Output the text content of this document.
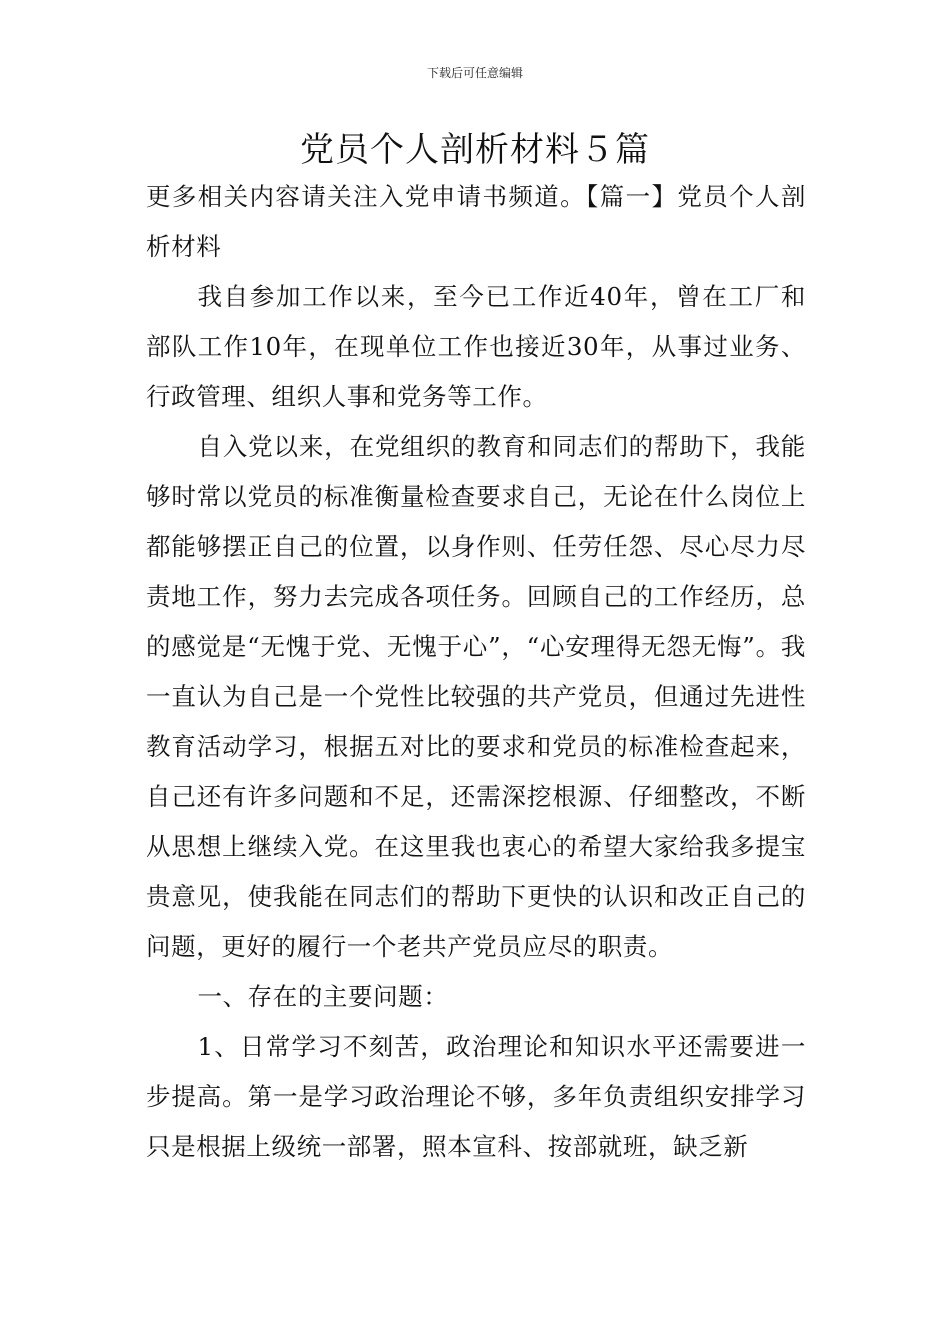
下载后可任意编辑
党员个人剖析材料５篇

更多相关内容请关注入党申请书频道。【篇一】党员个人剖析材料

我自参加工作以来，至今已工作近40年，曾在工厂和部队工作10年，在现单位工作也接近30年，从事过业务、行政管理、组织人事和党务等工作。

自入党以来，在党组织的教育和同志们的帮助下，我能够时常以党员的标准衡量检查要求自己，无论在什么岗位上都能够摆正自己的位置，以身作则、任劳任怨、尽心尽力尽责地工作，努力去完成各项任务。回顾自己的工作经历，总的感觉是“无愧于党、无愧于心”，“心安理得无怨无悔”。我一直认为自己是一个党性比较强的共产党员，但通过先进性教育活动学习，根据五对比的要求和党员的标准检查起来，自己还有许多问题和不足，还需深挖根源、仔细整改，不断从思想上继续入党。在这里我也衷心的希望大家给我多提宝贵意见，使我能在同志们的帮助下更快的认识和改正自己的问题，更好的履行一个老共产党员应尽的职责。

一、存在的主要问题：

1、日常学习不刻苦，政治理论和知识水平还需要进一步提高。第一是学习政治理论不够，多年负责组织安排学习只是根据上级统一部署，照本宣科、按部就班，缺乏新
